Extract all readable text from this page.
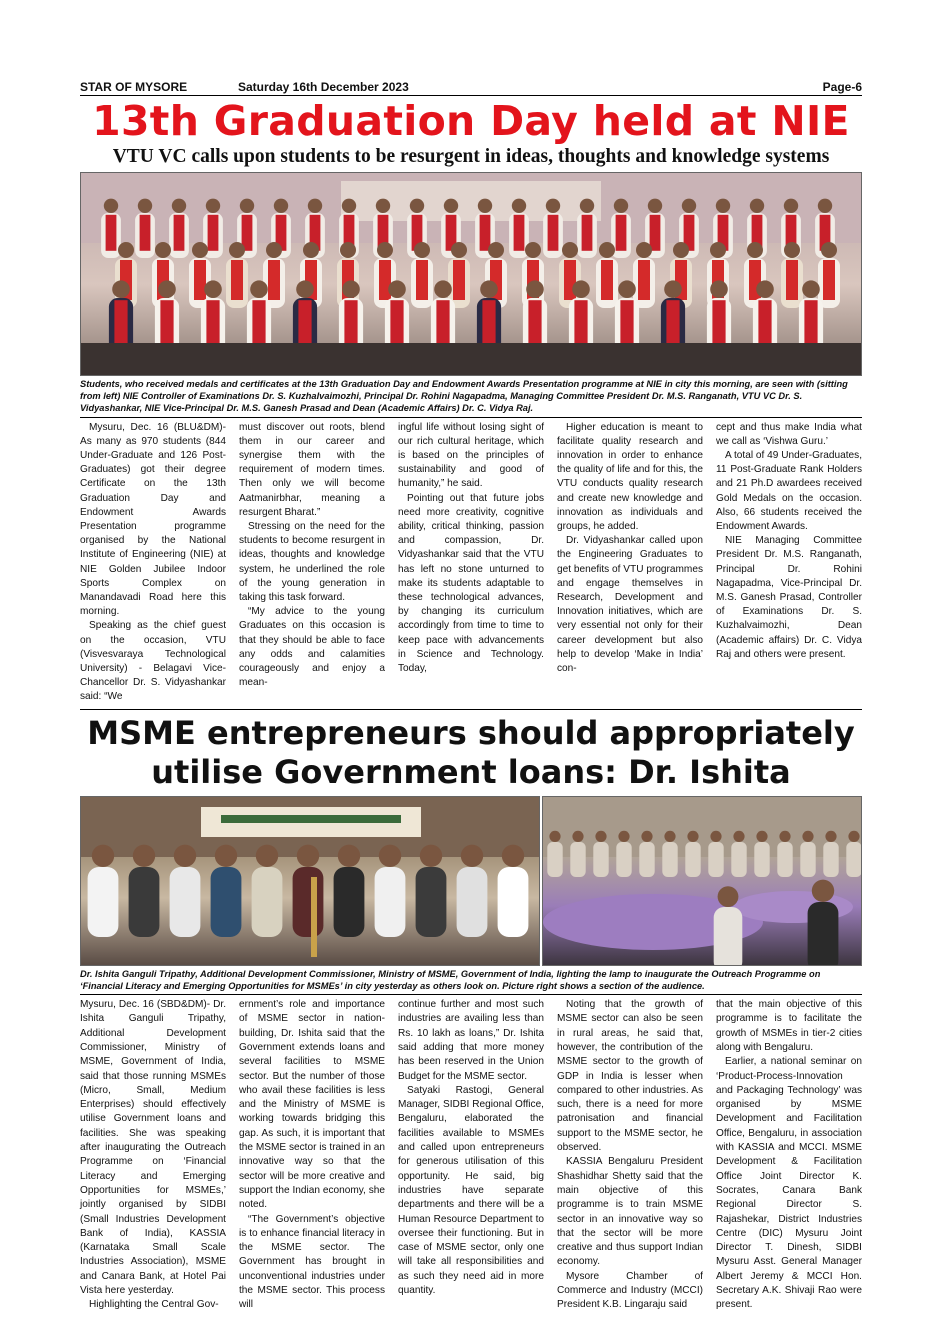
STAR OF MYSORE	Saturday 16th December 2023	Page-6
13th Graduation Day held at NIE
VTU VC calls upon students to be resurgent in ideas, thoughts and knowledge systems
Students, who received medals and certificates at the 13th Graduation Day and Endowment Awards Presentation programme at NIE in city this morning, are seen with (sitting from left) NIE Controller of Examinations Dr. S. Kuzhalvaimozhi, Principal Dr. Rohini Nagapadma, Managing Committee President Dr. M.S. Ranganath, VTU VC Dr. S. Vidyashankar, NIE Vice-Principal Dr. M.S. Ganesh Prasad and Dean (Academic Affairs) Dr. C. Vidya Raj.

Mysuru, Dec. 16 (BLU&DM)- As many as 970 students (844 Under-Graduate and 126 Post-Graduates) got their degree Certificate on the 13th Graduation Day and Endowment Awards Presentation programme organised by the National Institute of Engineering (NIE) at NIE Golden Jubilee Indoor Sports Complex on Manandavadi Road here this morning.

Speaking as the chief guest on the occasion, VTU (Visvesvaraya Technological University) - Belagavi Vice-Chancellor Dr. S. Vidyashankar said: “We

must discover out roots, blend them in our career and synergise them with the requirement of modern times. Then only we will become Aatmanirbhar, meaning a resurgent Bharat.”

Stressing on the need for the students to become resurgent in ideas, thoughts and knowledge system, he underlined the role of the young generation in taking this task forward.

“My advice to the young Graduates on this occasion is that they should be able to face any odds and calamities courageously and enjoy a mean-

ingful life without losing sight of our rich cultural heritage, which is based on the principles of sustainability and good of humanity,” he said.

Pointing out that future jobs need more creativity, cognitive ability, critical thinking, passion and compassion, Dr. Vidyashankar said that the VTU has left no stone unturned to make its students adaptable to these technological advances, by changing its curriculum accordingly from time to time to keep pace with advancements in Science and Technology. Today,

Higher education is meant to facilitate quality research and innovation in order to enhance the quality of life and for this, the VTU conducts quality research and create new knowledge and innovation as individuals and groups, he added.

Dr. Vidyashankar called upon the Engineering Graduates to get benefits of VTU programmes and engage themselves in Research, Development and Innovation initiatives, which are very essential not only for their career development but also help to develop ‘Make in India’ con-

cept and thus make India what we call as ‘Vishwa Guru.’

A total of 49 Under-Graduates, 11 Post-Graduate Rank Holders and 21 Ph.D awardees received Gold Medals on the occasion. Also, 66 students received the Endowment Awards.

NIE Managing Committee President Dr. M.S. Ranganath, Principal Dr. Rohini Nagapadma, Vice-Principal Dr. M.S. Ganesh Prasad, Controller of Examinations Dr. S. Kuzhalvaimozhi, Dean (Academic affairs) Dr. C. Vidya Raj and others were present.

MSME entrepreneurs should appropriately
utilise Government loans: Dr. Ishita
Dr. Ishita Ganguli Tripathy, Additional Development Commissioner, Ministry of MSME, Government of India, lighting the lamp to inaugurate the Outreach Programme on ‘Financial Literacy and Emerging Opportunities for MSMEs’ in city yesterday as others look on. Picture right shows a section of the audience.

Mysuru, Dec. 16 (SBD&DM)- Dr. Ishita Ganguli Tripathy, Additional Development Commissioner, Ministry of MSME, Government of India, said that those running MSMEs (Micro, Small, Medium Enterprises) should effectively utilise Government loans and facilities. She was speaking after inaugurating the Outreach Programme on ‘Financial Literacy and Emerging Opportunities for MSMEs,’ jointly organised by SIDBI (Small Industries Development Bank of India), KASSIA (Karnataka Small Scale Industries Association), MSME and Canara Bank, at Hotel Pai Vista here yesterday.

Highlighting the Central Gov-

ernment’s role and importance of MSME sector in nation-building, Dr. Ishita said that the Government extends loans and several facilities to MSME sector. But the number of those who avail these facilities is less and the Ministry of MSME is working towards bridging this gap. As such, it is important that the MSME sector is trained in an innovative way so that the sector will be more creative and support the Indian economy, she noted.

“The Government’s objective is to enhance financial literacy in the MSME sector. The Government has brought in unconventional industries under the MSME sector. This process will

continue further and most such industries are availing less than Rs. 10 lakh as loans,” Dr. Ishita said adding that more money has been reserved in the Union Budget for the MSME sector.

Satyaki Rastogi, General Manager, SIDBI Regional Office, Bengaluru, elaborated the facilities available to MSMEs and called upon entrepreneurs for generous utilisation of this opportunity. He said, big industries have separate departments and there will be a Human Resource Department to oversee their functioning. But in case of MSME sector, only one will take all responsibilities and as such they need aid in more quantity.

Noting that the growth of MSME sector can also be seen in rural areas, he said that, however, the contribution of the MSME sector to the growth of GDP in India is lesser when compared to other industries. As such, there is a need for more patronisation and financial support to the MSME sector, he observed.

KASSIA Bengaluru President Shashidhar Shetty said that the main objective of this programme is to train MSME sector in an innovative way so that the sector will be more creative and thus support Indian economy.

Mysore Chamber of Commerce and Industry (MCCI) President K.B. Lingaraju said

that the main objective of this programme is to facilitate the growth of MSMEs in tier-2 cities along with Bengaluru.

Earlier, a national seminar on ‘Product-Process-Innovation and Packaging Technology’ was organised by MSME Development and Facilitation Office, Bengaluru, in association with KASSIA and MCCI. MSME Development & Facilitation Office Joint Director K. Socrates, Canara Bank Regional Director S. Rajashekar, District Industries Centre (DIC) Mysuru Joint Director T. Dinesh, SIDBI Mysuru Asst. General Manager Albert Jeremy & MCCI Hon. Secretary A.K. Shivaji Rao were present.
